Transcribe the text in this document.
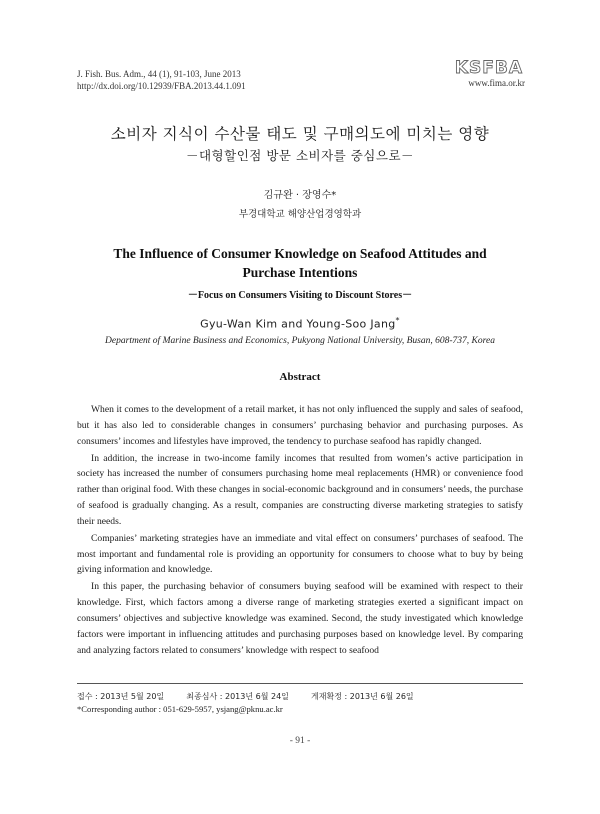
J. Fish. Bus. Adm., 44 (1), 91-103, June 2013
http://dx.doi.org/10.12939/FBA.2013.44.1.091
KSFBA
www.fima.or.kr
소비자 지식이 수산물 태도 및 구매의도에 미치는 영향
－대형할인점 방문 소비자를 중심으로－
김규완 · 장영수*
부경대학교 해양산업경영학과
The Influence of Consumer Knowledge on Seafood Attitudes and
Purchase Intentions
－Focus on Consumers Visiting to Discount Stores－
Gyu-Wan Kim and Young-Soo Jang*
Department of Marine Business and Economics, Pukyong National University, Busan, 608-737, Korea
Abstract

When it comes to the development of a retail market, it has not only influenced the supply and sales of seafood, but it has also led to considerable changes in consumers’ purchasing behavior and purchasing purposes. As consumers’ incomes and lifestyles have improved, the tendency to purchase seafood has rapidly changed.

In addition, the increase in two-income family incomes that resulted from women’s active participation in society has increased the number of consumers purchasing home meal replacements (HMR) or convenience food rather than original food. With these changes in social-economic background and in consumers’ needs, the purchase of seafood is gradually changing. As a result, companies are constructing diverse marketing strategies to satisfy their needs.

Companies’ marketing strategies have an immediate and vital effect on consumers’ purchases of seafood. The most important and fundamental role is providing an opportunity for consumers to choose what to buy by being giving information and knowledge.

In this paper, the purchasing behavior of consumers buying seafood will be examined with respect to their knowledge. First, which factors among a diverse range of marketing strategies exerted a significant impact on consumers’ objectives and subjective knowledge was examined. Second, the study investigated which knowledge factors were important in influencing attitudes and purchasing purposes based on knowledge level. By comparing and analyzing factors related to consumers’ knowledge with respect to seafood

접수 : 2013년 5월 20일	최종심사 : 2013년 6월 24일	게재확정 : 2013년 6월 26일
*Corresponding author : 051-629-5957, ysjang@pknu.ac.kr
- 91 -
